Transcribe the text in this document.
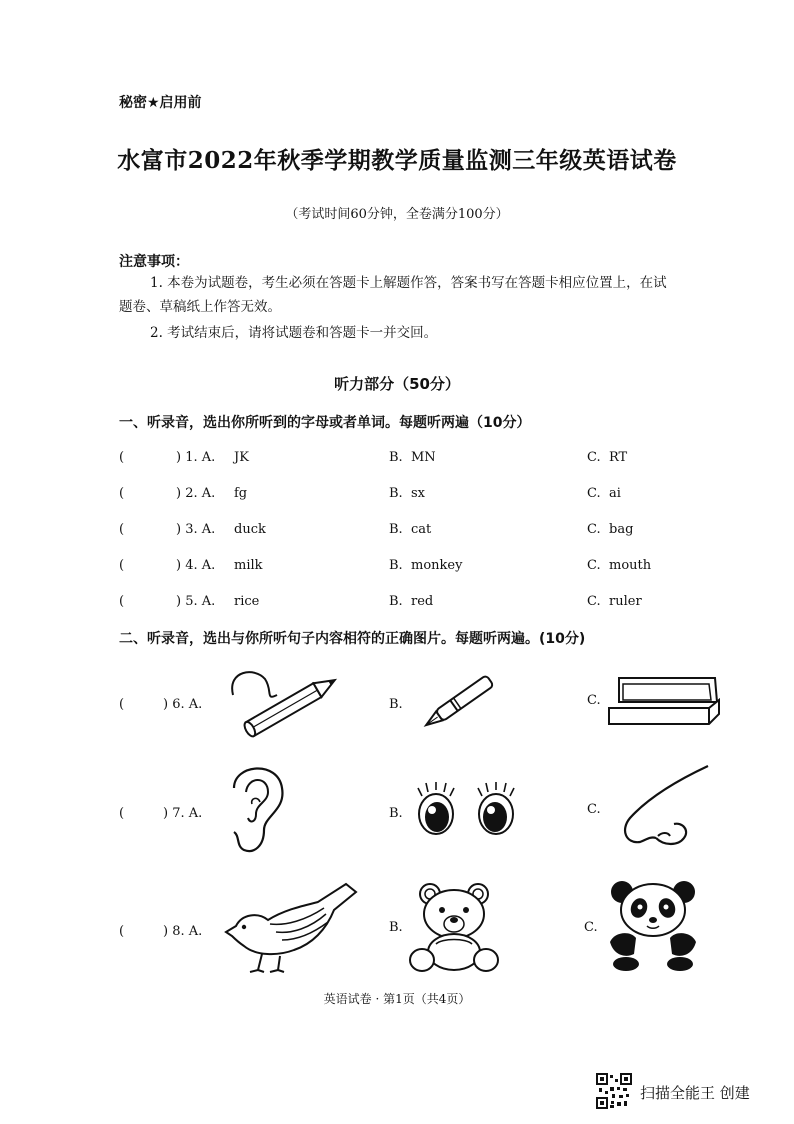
秘密★启用前
水富市2022年秋季学期教学质量监测三年级英语试卷
（考试时间60分钟，全卷满分100分）
注意事项：
1. 本卷为试题卷，考生必须在答题卡上解题作答，答案书写在答题卡相应位置上，在试
题卷、草稿纸上作答无效。
2. 考试结束后，请将试题卷和答题卡一并交回。
听力部分（50分）
一、听录音，选出你所听到的字母或者单词。每题听两遍（10分）
(	) 1. A. JK	B. MN	C. RT
(	) 2. A. fg	B. sx	C. ai
(	) 3. A. duck	B. cat	C. bag
(	) 4. A. milk	B. monkey	C. mouth
(	) 5. A. rice	B. red	C. ruler
二、听录音，选出与你所听句子内容相符的正确图片。每题听两遍。(10分)
(	) 6. A.	B.	C.
(	) 7. A.	B.	C.
(	) 8. A.	B.	C.
英语试卷 · 第1页（共4页）
扫描全能王 创建
